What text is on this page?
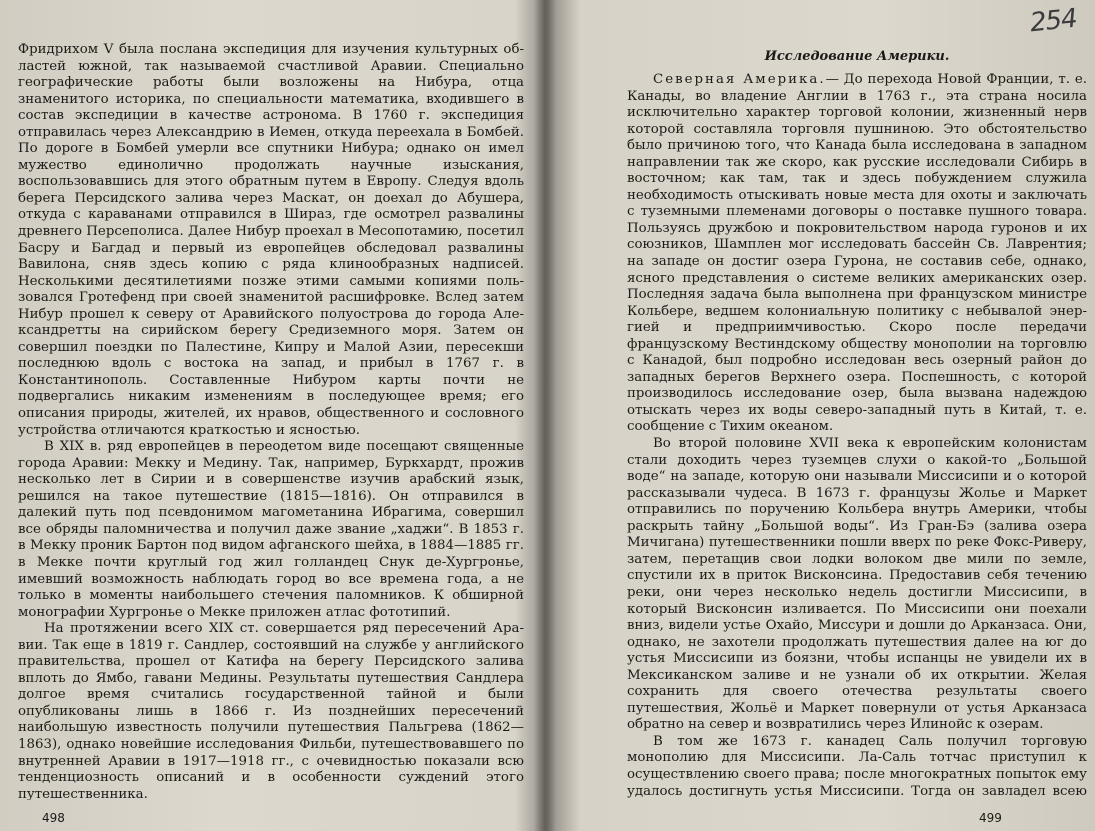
Фридрихом V была послана экспедиция для изучения культурных областей южной, так называемой счастливой Аравии. Специально географические работы были возложены на Нибура, отца знаменитого историка, по специальности математика, входившего в состав экспедиции в качестве астронома. В 1760 г. экспедиция отправилась через Александрию в Иемен, откуда переехала в Бомбей. По дороге в Бомбей умерли все спутники Нибура; однако он имел мужество единолично продолжать научные изыскания, воспользовавшись для этого обратным путем в Европу. Следуя вдоль берега Персидского залива через Маскат, он доехал до Абушера, откуда с караванами отправился в Шираз, где осмотрел развалины древнего Персеполиса. Далее Нибур проехал в Месопотамию, посетил Басру и Багдад и первый из европейцев обследовал развалины Вавилона, сняв здесь копию с ряда клинообразных надписей. Несколькими десятилетиями позже этими самыми копиями пользовался Гротефенд при своей знаменитой расшифровке. Вслед затем Нибур прошел к северу от Аравийского полуострова до города Александретты на сирийском берегу Средиземного моря. Затем он совершил поездки по Палестине, Кипру и Малой Азии, пересекши последнюю вдоль с востока на запад, и прибыл в 1767 г. в Константинополь. Составленные Нибуром карты почти не подвергались никаким изменениям в последующее время; его описания природы, жителей, их нравов, общественного и сословного устройства отличаются краткостью и ясностью.

В XIX в. ряд европейцев в переодетом виде посещают священные города Аравии: Мекку и Медину. Так, например, Буркхардт, прожив несколько лет в Сирии и в совершенстве изучив арабский язык, решился на такое путешествие (1815—1816). Он отправился в далекий путь под псевдонимом магометанина Ибрагима, совершил все обряды паломничества и получил даже звание „хаджи“. В 1853 г. в Мекку проник Бартон под видом афганского шейха, в 1884—1885 гг. в Мекке почти круглый год жил голландец Снук де-Хургронье, имевший возможность наблюдать город во все времена года, а не только в моменты наибольшего стечения паломников. К обширной монографии Хургронье о Мекке приложен атлас фототипий.

На протяжении всего XIX ст. совершается ряд пересечений Аравии. Так еще в 1819 г. Сандлер, состоявший на службе у английского правительства, прошел от Катифа на берегу Персидского залива вплоть до Ямбо, гавани Медины. Результаты путешествия Сандлера долгое время считались государственной тайной и были опубликованы лишь в 1866 г. Из позднейших пересечений наибольшую известность получили путешествия Пальгрева (1862—1863), однако новейшие исследования Фильби, путешествовавшего по внутренней Аравии в 1917—1918 гг., с очевидностью показали всю тенденциозность описаний и в особенности суждений этого путешественника.

498
Исследование Америки.

Северная Америка.— До перехода Новой Франции, т. е. Канады, во владение Англии в 1763 г., эта страна носила исключительно характер торговой колонии, жизненный нерв которой составляла торговля пушниною. Это обстоятельство было причиною того, что Канада была исследована в западном направлении так же скоро, как русские исследовали Сибирь в восточном; как там, так и здесь побуждением служила необходимость отыскивать новые места для охоты и заключать с туземными племенами договоры о поставке пушного товара. Пользуясь дружбою и покровительством народа гуронов и их союзников, Шамплен мог исследовать бассейн Св. Лаврентия; на западе он достиг озера Гурона, не составив себе, однако, ясного представления о системе великих американских озер. Последняя задача была выполнена при французском министре Кольбере, ведшем колониальную политику с небывалой энергией и предприимчивостью. Скоро после передачи французскому Вестиндскому обществу монополии на торговлю с Канадой, был подробно исследован весь озерный район до западных берегов Верхнего озера. Поспешность, с которой производилось исследование озер, была вызвана надеждою отыскать через их воды северо-западный путь в Китай, т. е. сообщение с Тихим океаном.

Во второй половине XVII века к европейским колонистам стали доходить через туземцев слухи о какой-то „Большой воде“ на западе, которую они называли Миссисипи и о которой рассказывали чудеса. В 1673 г. французы Жолье и Маркет отправились по поручению Кольбера внутрь Америки, чтобы раскрыть тайну „Большой воды“. Из Гран-Бэ (залива озера Мичигана) путешественники пошли вверх по реке Фокс-Риверу, затем, перетащив свои лодки волоком две мили по земле, спустили их в приток Висконсина. Предоставив себя течению реки, они через несколько недель достигли Миссисипи, в который Висконсин изливается. По Миссисипи они поехали вниз, видели устье Охайо, Миссури и дошли до Арканзаса. Они, однако, не захотели продолжать путешествия далее на юг до устья Миссисипи из боязни, чтобы испанцы не увидели их в Мексиканском заливе и не узнали об их открытии. Желая сохранить для своего отечества результаты своего путешествия, Жольё и Маркет повернули от устья Арканзаса обратно на север и возвратились через Илинойс к озерам.

В том же 1673 г. канадец Саль получил торговую монополию для Миссисипи. Ла-Саль тотчас приступил к осуществлению своего права; после многократных попыток ему удалось достигнуть устья Миссисипи. Тогда он завладел всею

499
254
